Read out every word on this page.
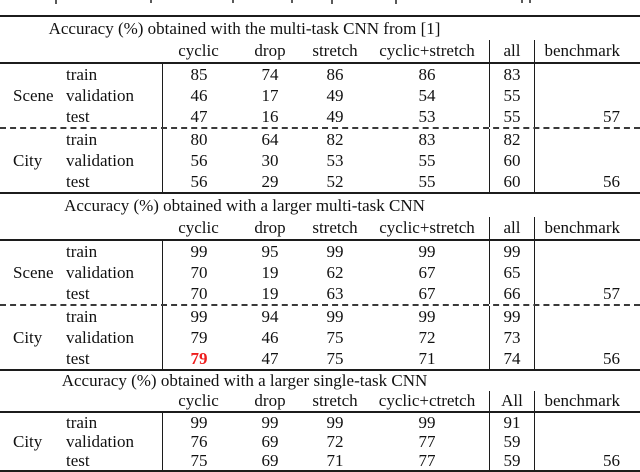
Accuracy (%) obtained with the multi-task CNN from [1]
cyclic	drop	stretch	cyclic+stretch	all	benchmark
train	85	74	86	86	83
Scene validation	46	17	49	54	55
test	47	16	49	53	55	57
train	80	64	82	83	82
City	validation	56	30	53	55	60
test	56	29	52	55	60	56
Accuracy (%) obtained with a larger multi-task CNN
cyclic	drop	stretch	cyclic+stretch	all	benchmark
train	99	95	99	99	99
Scene validation	70	19	62	67	65
test	70	19	63	67	66	57
train	99	94	99	99	99
City	validation	79	46	75	72	73
test	79	47	75	71	74	56
Accuracy (%) obtained with a larger single-task CNN
cyclic	drop	stretch	cyclic+ctretch	All	benchmark
train	99	99	99	99	91
City	validation	76	69	72	77	59
test	75	69	71	77	59	56
